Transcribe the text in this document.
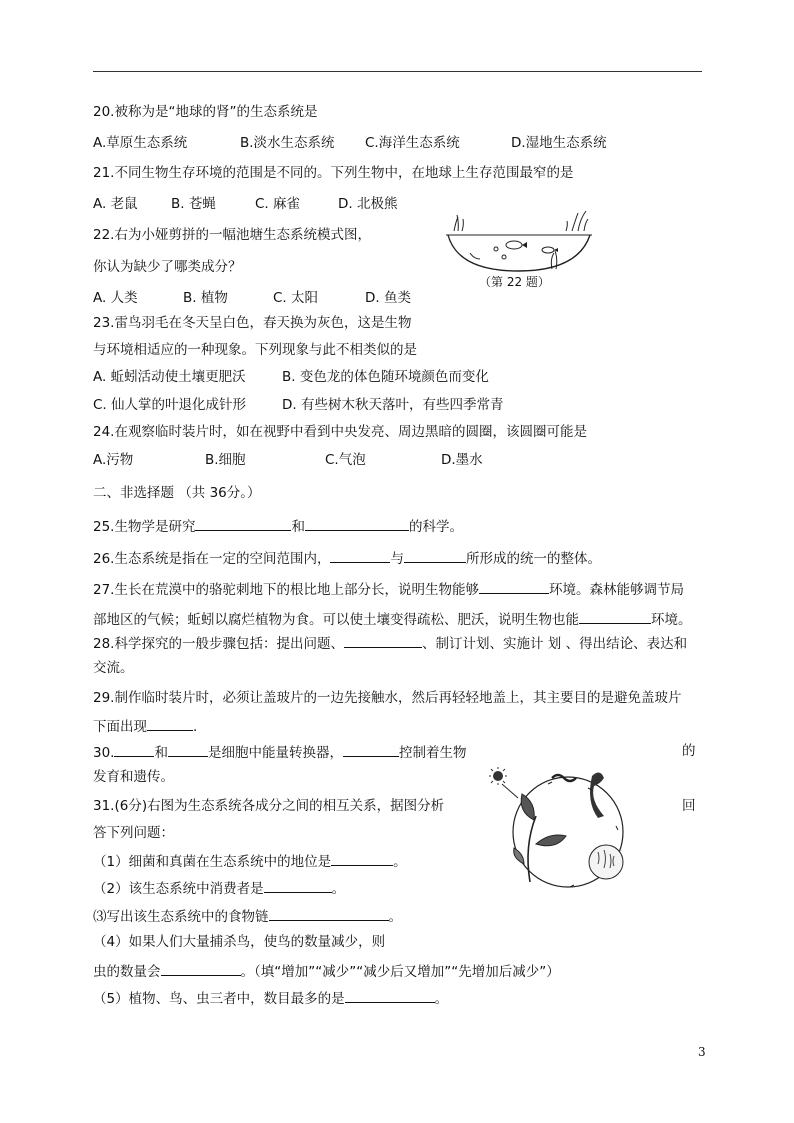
20.被称为是“地球的肾”的生态系统是
A.草原生态系统	B.淡水生态系统 C.海洋生态系统	D.湿地生态系统
21.不同生物生存环境的范围是不同的。下列生物中，在地球上生存范围最窄的是
A. 老鼠 B. 苍蝇	C. 麻雀	D. 北极熊
22.右为小娅剪拼的一幅池塘生态系统模式图，
你认为缺少了哪类成分？
A. 人类	B. 植物	C. 太阳	D. 鱼类
（第 22 题）
23.雷鸟羽毛在冬天呈白色，春天换为灰色，这是生物
与环境相适应的一种现象。下列现象与此不相类似的是
A. 蚯蚓活动使土壤更肥沃	B. 变色龙的体色随环境颜色而变化
C. 仙人掌的叶退化成针形	D. 有些树木秋天落叶，有些四季常青
24.在观察临时装片时，如在视野中看到中央发亮、周边黑暗的圆圈，该圆圈可能是
A.污物	B.细胞	C.气泡	D.墨水
二、非选择题 （共 36分。）
25.生物学是研究	和	的科学。
26.生态系统是指在一定的空间范围内，	与	所形成的统一的整体。
27.生长在荒漠中的骆驼刺地下的根比地上部分长，说明生物能够	环境。森林能够调节局
部地区的气候；蚯蚓以腐烂植物为食。可以使土壤变得疏松、肥沃，说明生物也能	环境。
28.科学探究的一般步骤包括：提出问题、	、制订计划、实施计 划 、得出结论、表达和
交流。
29.制作临时装片时，必须让盖玻片的一边先接触水，然后再轻轻地盖上，其主要目的是避免盖玻片
下面出现	.
30.	和	是细胞中能量转换器，	控制着生物	的
发育和遗传。
31.(6分)右图为生态系统各成分之间的相互关系，据图分析	回
答下列问题：
（1）细菌和真菌在生态系统中的地位是	。
（2）该生态系统中消费者是	。
⑶写出该生态系统中的食物链	。
（4）如果人们大量捕杀鸟，使鸟的数量减少，则
虫的数量会	。（填“增加”“减少”“减少后又增加”“先增加后减少”）
（5）植物、鸟、虫三者中，数目最多的是	。
3
